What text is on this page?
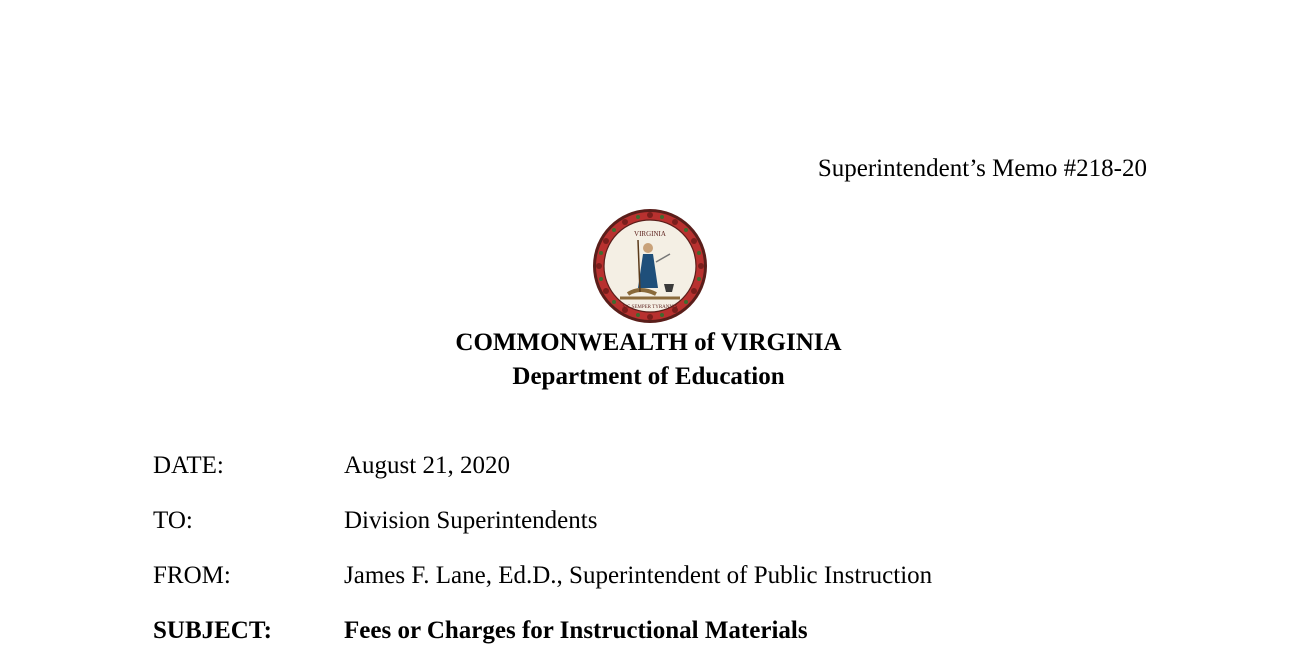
Superintendent’s Memo #218-20
VIRGINIA
SIC SEMPER TYRANNIS
COMMONWEALTH of VIRGINIA
Department of Education
DATE:	August 21, 2020
TO:	Division Superintendents
FROM:	James F. Lane, Ed.D., Superintendent of Public Instruction
SUBJECT:	Fees or Charges for Instructional Materials
